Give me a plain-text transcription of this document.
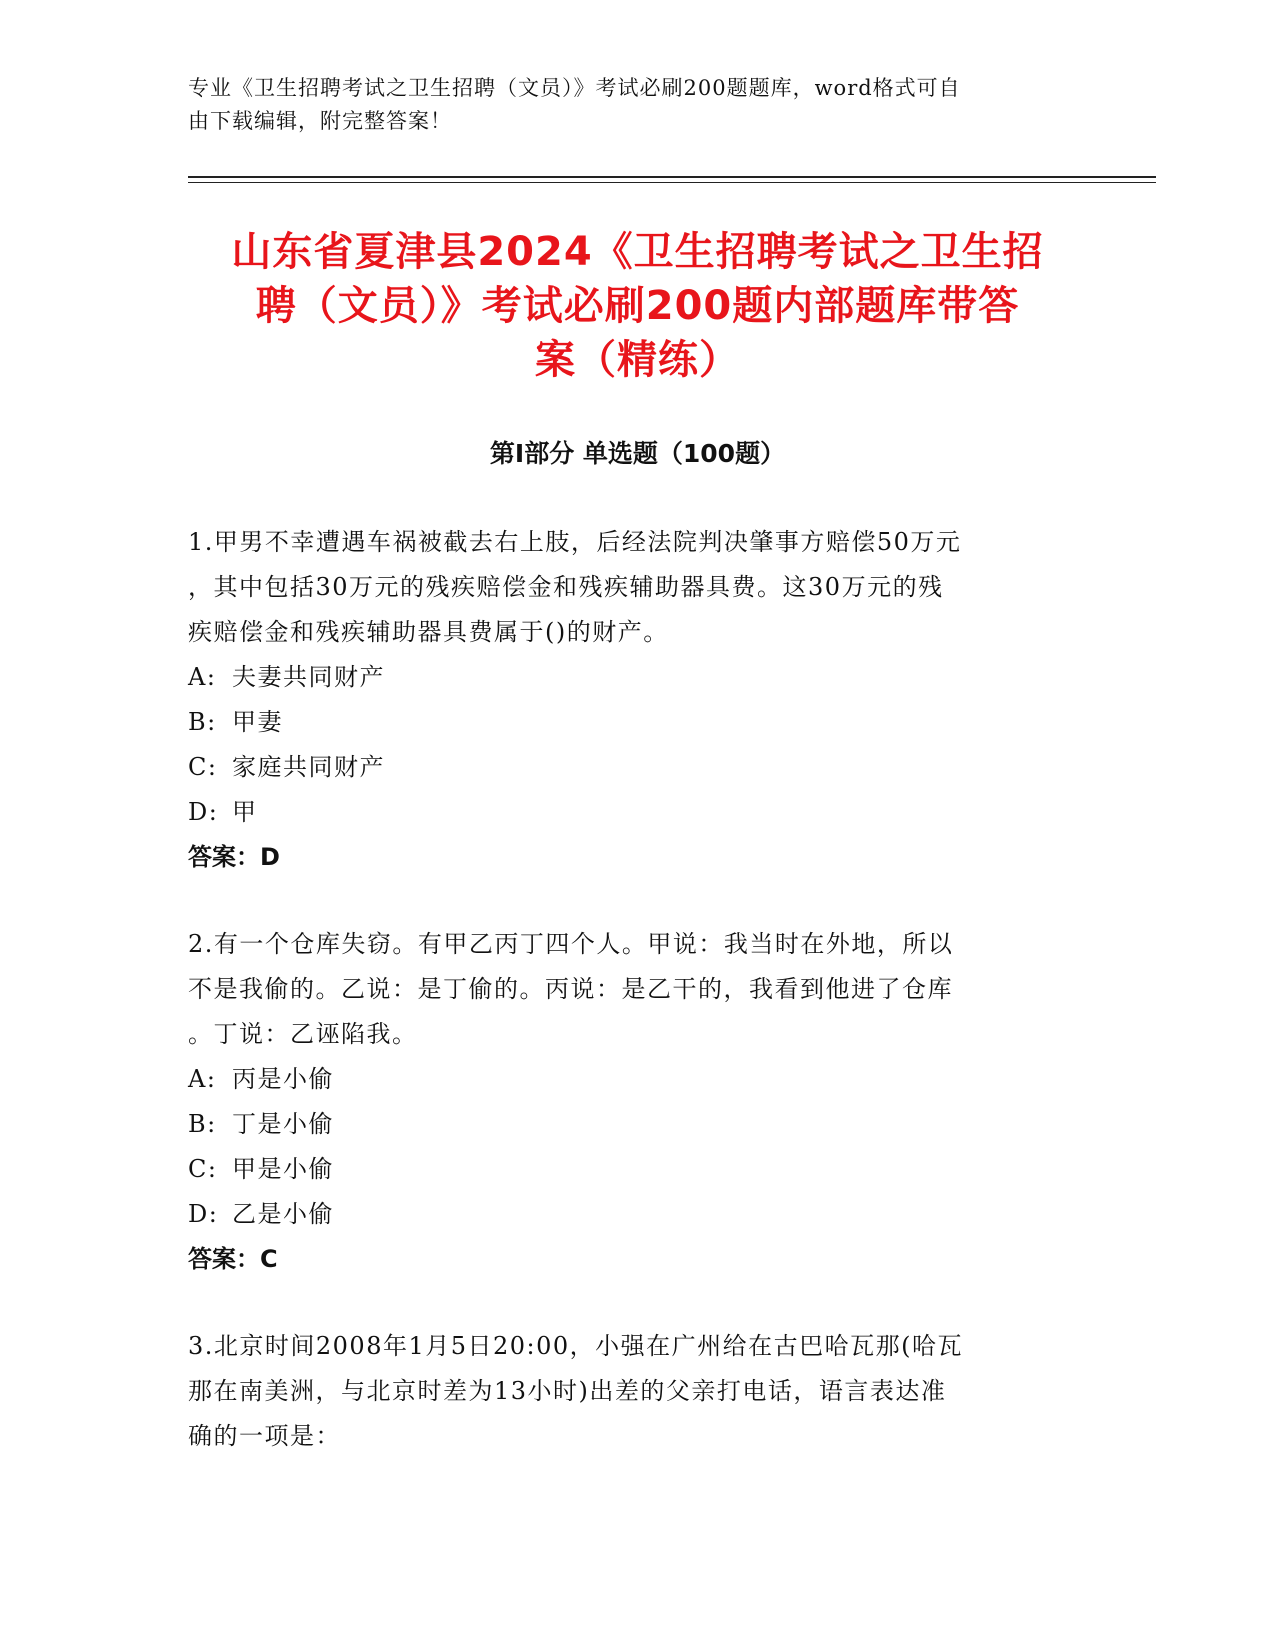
专业《卫生招聘考试之卫生招聘（文员）》考试必刷200题题库，word格式可自
由下载编辑，附完整答案！
山东省夏津县2024《卫生招聘考试之卫生招
聘（文员）》考试必刷200题内部题库带答
案（精练）
第Ⅰ部分 单选题（100题）
1.甲男不幸遭遇车祸被截去右上肢，后经法院判决肇事方赔偿50万元
，其中包括30万元的残疾赔偿金和残疾辅助器具费。这30万元的残
疾赔偿金和残疾辅助器具费属于()的财产。
A: 夫妻共同财产
B: 甲妻
C: 家庭共同财产
D: 甲
答案：D
2.有一个仓库失窃。有甲乙丙丁四个人。甲说：我当时在外地，所以
不是我偷的。乙说：是丁偷的。丙说：是乙干的，我看到他进了仓库
。丁说：乙诬陷我。
A: 丙是小偷
B: 丁是小偷
C: 甲是小偷
D: 乙是小偷
答案：C
3.北京时间2008年1月5日20:00，小强在广州给在古巴哈瓦那(哈瓦
那在南美洲，与北京时差为13小时)出差的父亲打电话，语言表达准
确的一项是：
